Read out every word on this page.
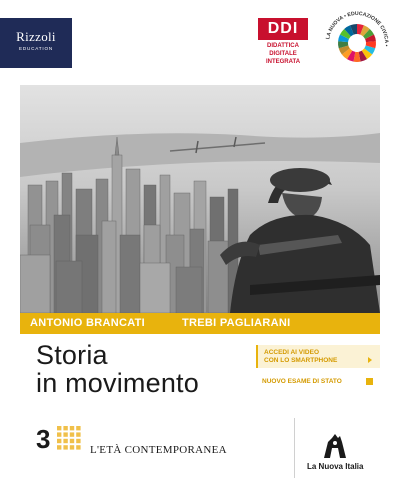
Rizzoli
EDUCATION
DDI
DIDATTICA
DIGITALE
INTEGRATA
LA NUOVA • EDUCAZIONE CIVICA •
ANTONIO BRANCATI	TREBI PAGLIARANI
Storia
in movimento
ACCEDI AI VIDEO
CON LO SMARTPHONE
NUOVO ESAME DI STATO
3	L'ETÀ CONTEMPORANEA
La Nuova Italia
